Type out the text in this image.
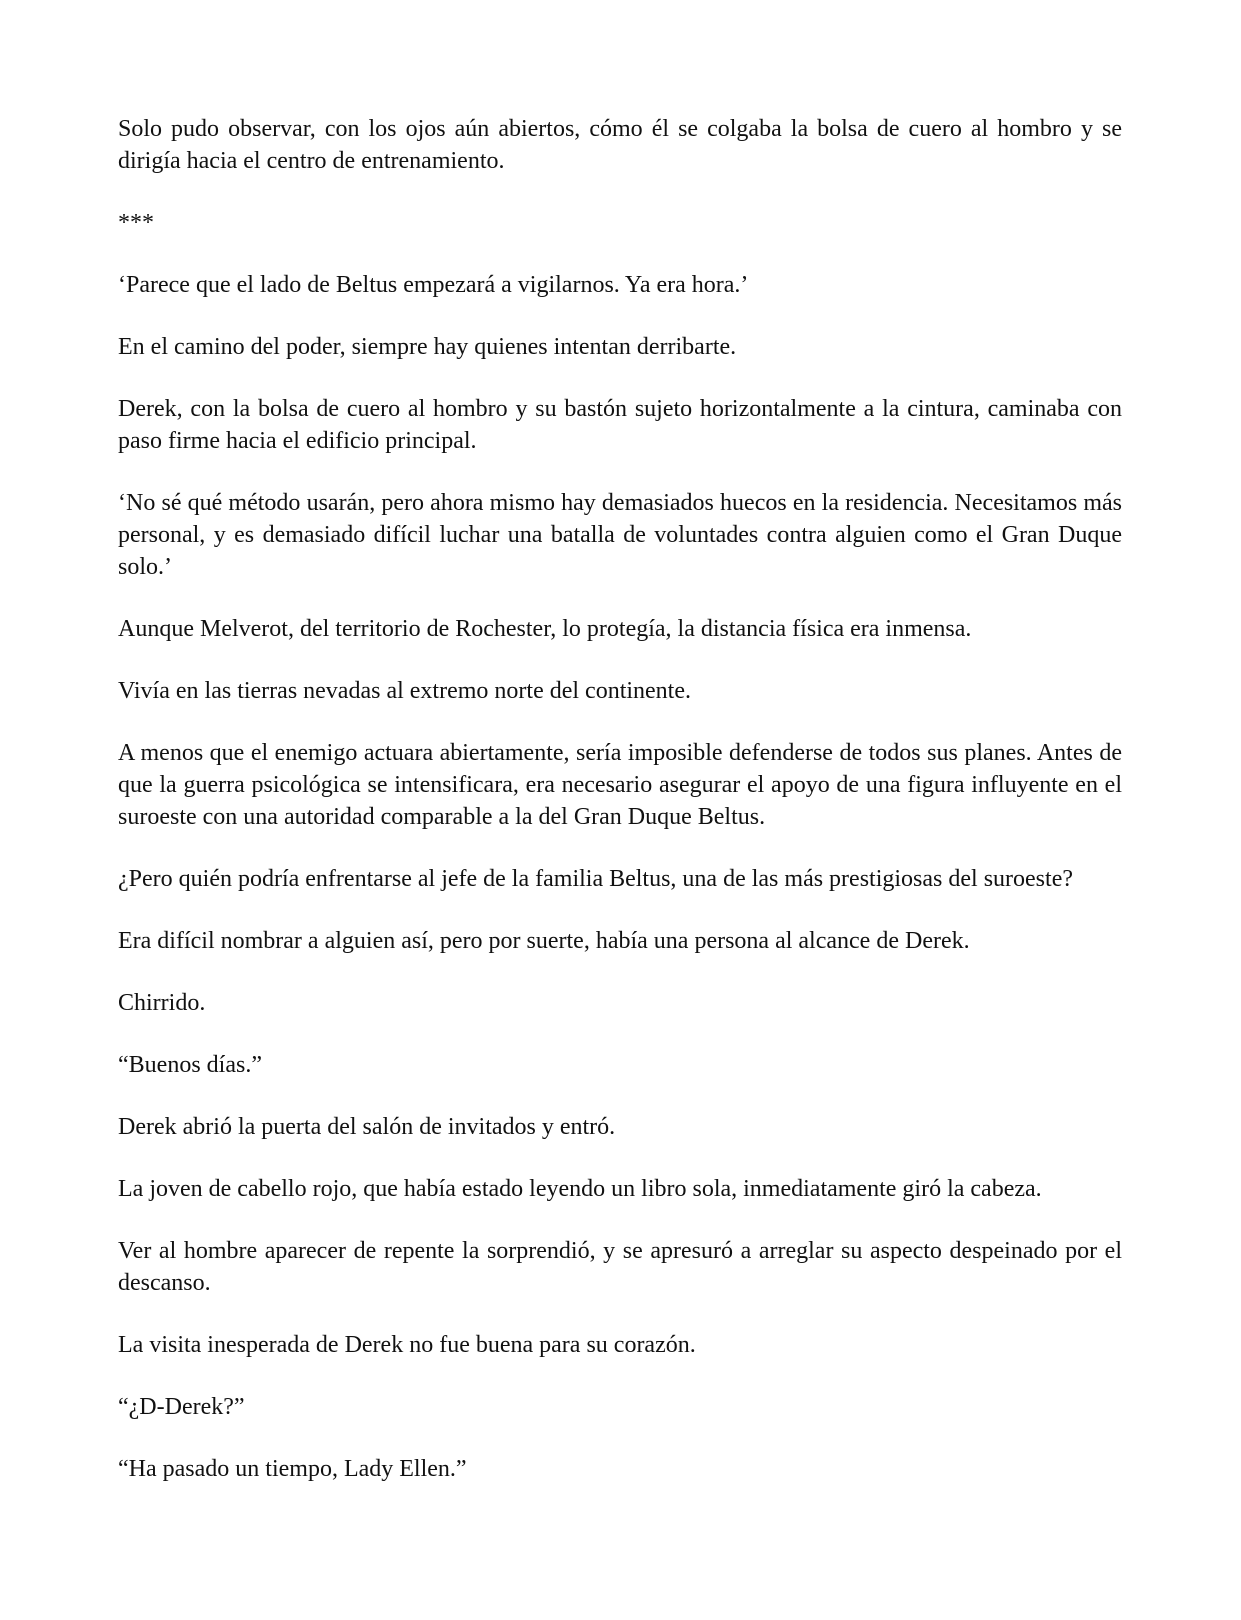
Solo pudo observar, con los ojos aún abiertos, cómo él se colgaba la bolsa de cuero al hombro y se dirigía hacia el centro de entrenamiento.

***

‘Parece que el lado de Beltus empezará a vigilarnos. Ya era hora.’

En el camino del poder, siempre hay quienes intentan derribarte.

Derek, con la bolsa de cuero al hombro y su bastón sujeto horizontalmente a la cintura, caminaba con paso firme hacia el edificio principal.

‘No sé qué método usarán, pero ahora mismo hay demasiados huecos en la residencia. Necesitamos más personal, y es demasiado difícil luchar una batalla de voluntades contra alguien como el Gran Duque solo.’

Aunque Melverot, del territorio de Rochester, lo protegía, la distancia física era inmensa.

Vivía en las tierras nevadas al extremo norte del continente.

A menos que el enemigo actuara abiertamente, sería imposible defenderse de todos sus planes. Antes de que la guerra psicológica se intensificara, era necesario asegurar el apoyo de una figura influyente en el suroeste con una autoridad comparable a la del Gran Duque Beltus.

¿Pero quién podría enfrentarse al jefe de la familia Beltus, una de las más prestigiosas del suroeste?

Era difícil nombrar a alguien así, pero por suerte, había una persona al alcance de Derek.

Chirrido.

“Buenos días.”

Derek abrió la puerta del salón de invitados y entró.

La joven de cabello rojo, que había estado leyendo un libro sola, inmediatamente giró la cabeza.

Ver al hombre aparecer de repente la sorprendió, y se apresuró a arreglar su aspecto despeinado por el descanso.

La visita inesperada de Derek no fue buena para su corazón.

“¿D-Derek?”

“Ha pasado un tiempo, Lady Ellen.”
